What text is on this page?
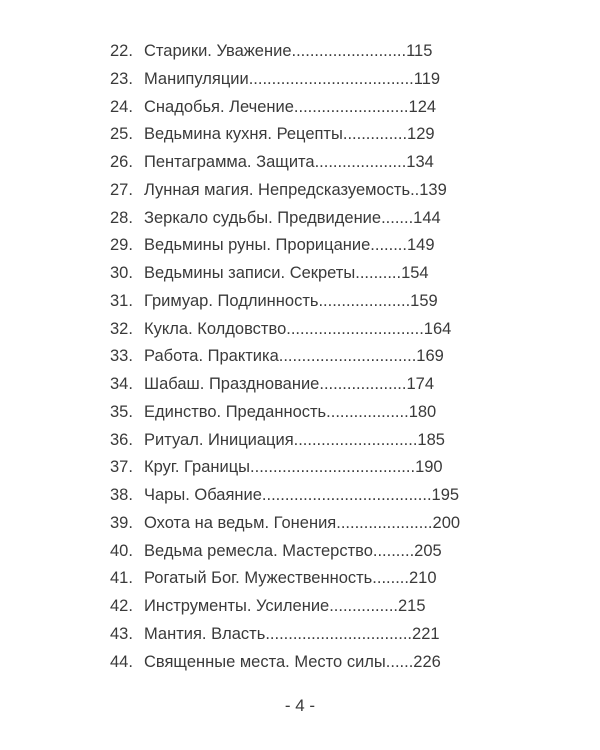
22. Старики. Уважение.........................115
23. Манипуляции....................................119
24. Снадобья. Лечение.........................124
25. Ведьмина кухня. Рецепты..............129
26. Пентаграмма. Защита....................134
27. Лунная магия. Непредсказуемость..139
28. Зеркало судьбы. Предвидение.......144
29. Ведьмины руны. Прорицание........149
30. Ведьмины записи. Секреты..........154
31. Гримуар. Подлинность....................159
32. Кукла. Колдовство..............................164
33. Работа. Практика..............................169
34. Шабаш. Празднование...................174
35. Единство. Преданность..................180
36. Ритуал. Инициация...........................185
37. Круг. Границы....................................190
38. Чары. Обаяние.....................................195
39. Охота на ведьм. Гонения.....................200
40. Ведьма ремесла. Мастерство.........205
41. Рогатый Бог. Мужественность........210
42. Инструменты. Усиление...............215
43. Мантия. Власть................................221
44. Священные места. Место силы......226
- 4 -
